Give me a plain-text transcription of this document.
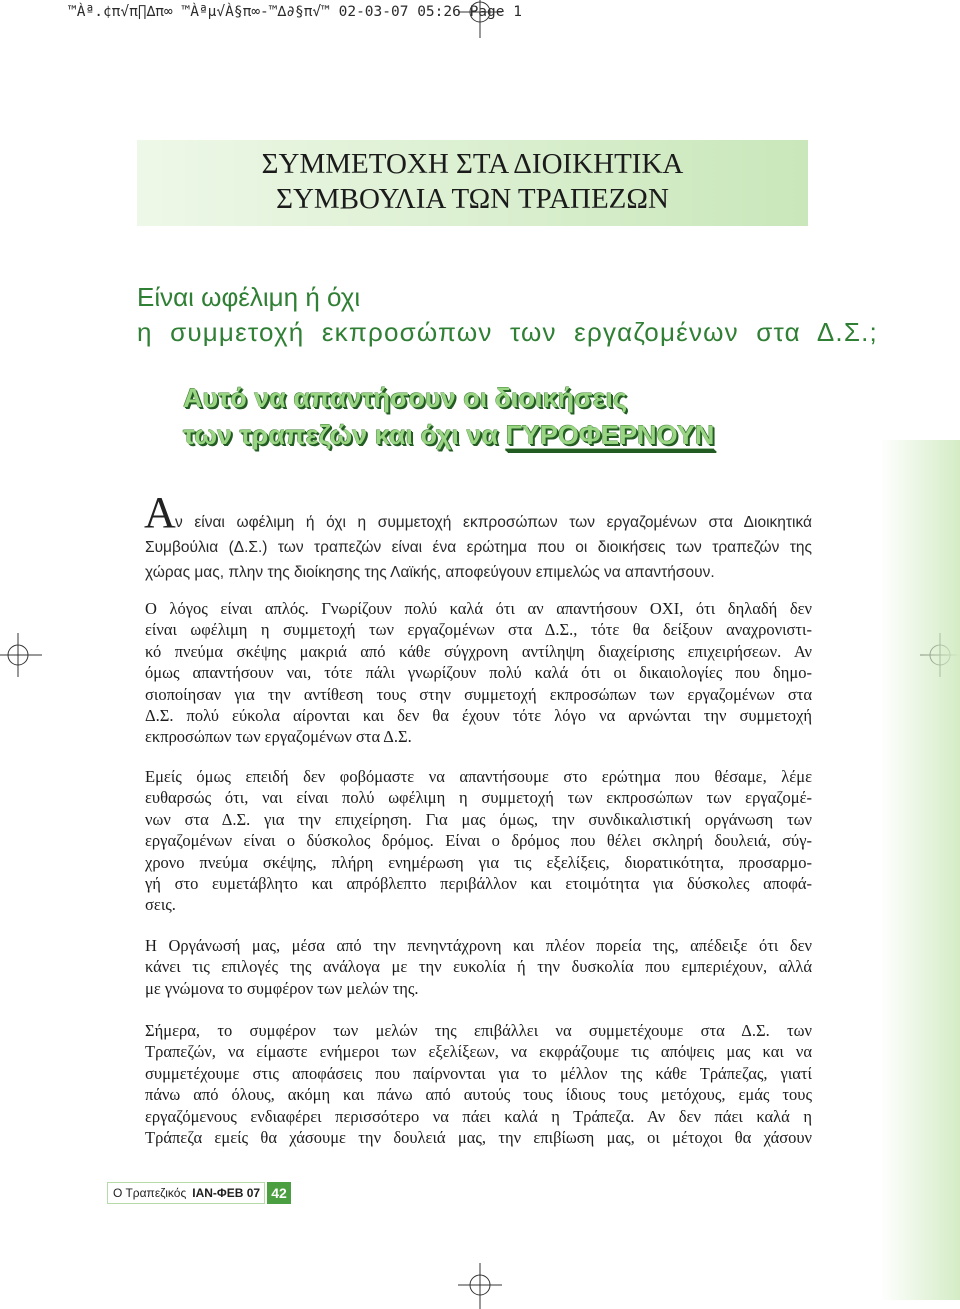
™Àª.¢π√π∏∆π∞ ™Àªµ√À§π∞-™∆∂§π√™ 02-03-07 05:26 Page 1
ΣΥΜΜΕΤΟΧΗ ΣΤΑ ΔΙΟΙΚΗΤΙΚΑ
ΣΥΜΒΟΥΛΙΑ ΤΩΝ ΤΡΑΠΕΖΩΝ
Είναι ωφέλιμη ή όχι
η συμμετοχή εκπροσώπων των εργαζομένων στα Δ.Σ.;
Αυτό να απαντήσουν οι διοικήσεις
των τραπεζών και όχι να ΓΥΡΟΦΕΡΝΟΥΝ
Α ν είναι ωφέλιμη ή όχι η συμμετοχή εκπροσώπων των εργαζομένων στα Διοικητικά
Συμβούλια (Δ.Σ.) των τραπεζών είναι ένα ερώτημα που οι διοικήσεις των τραπεζών της
χώρας μας, πλην της διοίκησης της Λαϊκής, αποφεύγουν επιμελώς να απαντήσουν.
Ο λόγος είναι απλός. Γνωρίζουν πολύ καλά ότι αν απαντήσουν ΟΧΙ, ότι δηλαδή δεν
είναι ωφέλιμη η συμμετοχή των εργαζομένων στα Δ.Σ., τότε θα δείξουν αναχρονιστι-
κό πνεύμα σκέψης μακριά από κάθε σύγχρονη αντίληψη διαχείρισης επιχειρήσεων. Αν
όμως απαντήσουν ναι, τότε πάλι γνωρίζουν πολύ καλά ότι οι δικαιολογίες που δημο-
σιοποίησαν για την αντίθεση τους στην συμμετοχή εκπροσώπων των εργαζομένων στα
Δ.Σ. πολύ εύκολα αίρονται και δεν θα έχουν τότε λόγο να αρνώνται την συμμετοχή
εκπροσώπων των εργαζομένων στα Δ.Σ.
Εμείς όμως επειδή δεν φοβόμαστε να απαντήσουμε στο ερώτημα που θέσαμε, λέμε
ευθαρσώς ότι, ναι είναι πολύ ωφέλιμη η συμμετοχή των εκπροσώπων των εργαζομέ-
νων στα Δ.Σ. για την επιχείρηση. Για μας όμως, την συνδικαλιστική οργάνωση των
εργαζομένων είναι ο δύσκολος δρόμος. Είναι ο δρόμος που θέλει σκληρή δουλειά, σύγ-
χρονο πνεύμα σκέψης, πλήρη ενημέρωση για τις εξελίξεις, διορατικότητα, προσαρμο-
γή στο ευμετάβλητο και απρόβλεπτο περιβάλλον και ετοιμότητα για δύσκολες αποφά-
σεις.
Η Οργάνωσή μας, μέσα από την πενηντάχρονη και πλέον πορεία της, απέδειξε ότι δεν
κάνει τις επιλογές της ανάλογα με την ευκολία ή την δυσκολία που εμπεριέχουν, αλλά
με γνώμονα το συμφέρον των μελών της.
Σήμερα, το συμφέρον των μελών της επιβάλλει να συμμετέχουμε στα Δ.Σ. των
Τραπεζών, να είμαστε ενήμεροι των εξελίξεων, να εκφράζουμε τις απόψεις μας και να
συμμετέχουμε στις αποφάσεις που παίρνονται για το μέλλον της κάθε Τράπεζας, γιατί
πάνω από όλους, ακόμη και πάνω από αυτούς τους ίδιους τους μετόχους, εμάς τους
εργαζόμενους ενδιαφέρει περισσότερο να πάει καλά η Τράπεζα. Αν δεν πάει καλά η
Τράπεζα εμείς θα χάσουμε την δουλειά μας, την επιβίωση μας, οι μέτοχοι θα χάσουν
Ο Τραπεζικός ΙΑΝ-ΦΕΒ 07 42
